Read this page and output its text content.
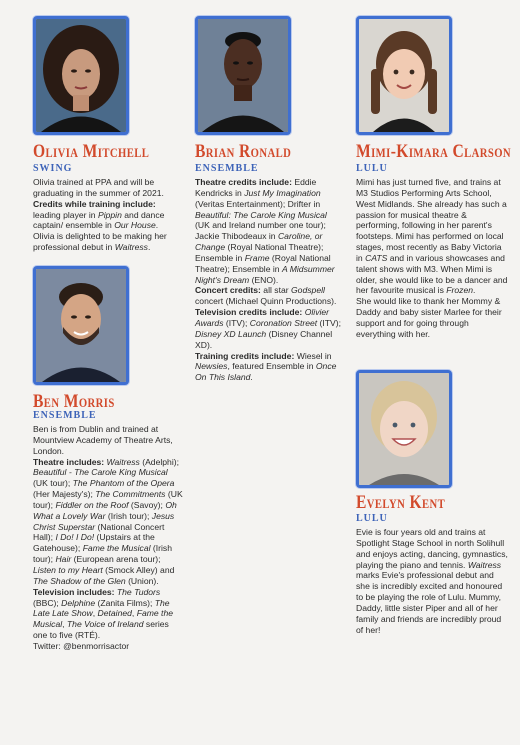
Olivia Mitchell
SWING

Olivia trained at PPA and will be graduating in the summer of 2021.

Credits while training include: leading player in Pippin and dance captain/ ensemble in Our House.

Olivia is delighted to be making her professional debut in Waitress.

Brian Ronald
ENSEMBLE

Theatre credits include: Eddie Kendricks in Just My Imagination (Veritas Entertainment); Drifter in Beautiful: The Carole King Musical (UK and Ireland number one tour); Jackie Thibodeaux in Caroline, or Change (Royal National Theatre); Ensemble in Frame (Royal National Theatre); Ensemble in A Midsummer Night's Dream (ENO).

Concert credits: all star Godspell concert (Michael Quinn Productions).

Television credits include: Olivier Awards (ITV); Coronation Street (ITV); Disney XD Launch (Disney Channel XD).

Training credits include: Wiesel in Newsies, featured Ensemble in Once On This Island.

Mimi-Kimara Clarson
LULU

Mimi has just turned five, and trains at M3 Studios Performing Arts School, West Midlands. She already has such a passion for musical theatre & performing, following in her parent's footsteps. Mimi has performed on local stages, most recently as Baby Victoria in CATS and in various showcases and talent shows with M3. When Mimi is older, she would like to be a dancer and her favourite musical is Frozen.

She would like to thank her Mommy & Daddy and baby sister Marlee for their support and for going through everything with her.

Ben Morris
ENSEMBLE

Ben is from Dublin and trained at Mountview Academy of Theatre Arts, London.

Theatre includes: Waitress (Adelphi); Beautiful - The Carole King Musical (UK tour); The Phantom of the Opera (Her Majesty's); The Commitments (UK tour); Fiddler on the Roof (Savoy); Oh What a Lovely War (Irish tour); Jesus Christ Superstar (National Concert Hall); I Do! I Do! (Upstairs at the Gatehouse); Fame the Musical (Irish tour); Hair (European arena tour); Listen to my Heart (Smock Alley) and The Shadow of the Glen (Union).

Television includes: The Tudors (BBC); Delphine (Zanita Films); The Late Late Show, Detained, Fame the Musical, The Voice of Ireland series one to five (RTÉ).

Twitter: @benmorrisactor

Evelyn Kent
LULU

Evie is four years old and trains at Spotlight Stage School in north Solihull and enjoys acting, dancing, gymnastics, playing the piano and tennis. Waitress marks Evie's professional debut and she is incredibly excited and honoured to be playing the role of Lulu. Mummy, Daddy, little sister Piper and all of her family and friends are incredibly proud of her!
